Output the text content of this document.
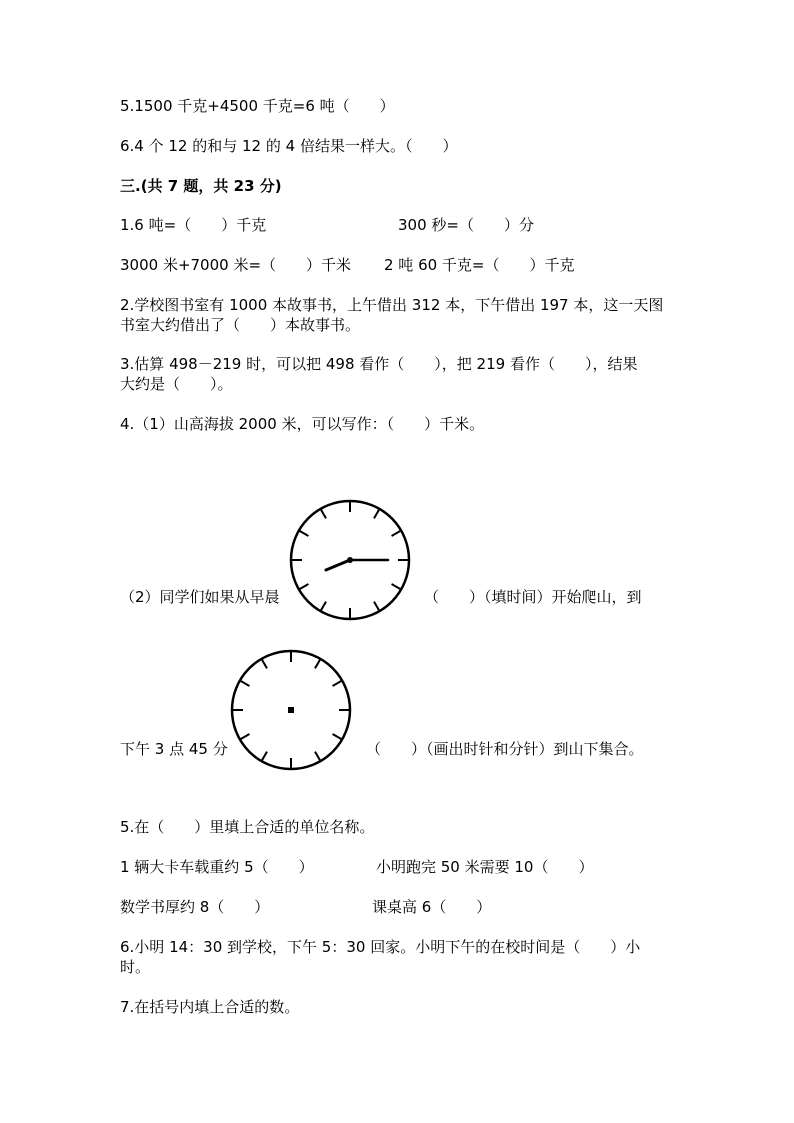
5.1500 千克+4500 千克=6 吨（　　）
6.4 个 12 的和与 12 的 4 倍结果一样大。（　　）
三.(共 7 题，共 23 分)
1.6 吨=（　　）千克	300 秒=（　　）分
3000 米+7000 米=（　　）千米 2 吨 60 千克=（　　）千克
2.学校图书室有 1000 本故事书，上午借出 312 本，下午借出 197 本，这一天图
书室大约借出了（　　）本故事书。
3.估算 498－219 时，可以把 498 看作（　　），把 219 看作（　　），结果
大约是（　　）。
4.（1）山高海拔 2000 米，可以写作：（　　）千米。
（2）同学们如果从早晨	（　　）（填时间）开始爬山，到
下午 3 点 45 分	（　　）（画出时针和分针）到山下集合。
5.在（　　）里填上合适的单位名称。
1 辆大卡车载重约 5（　　）	小明跑完 50 米需要 10（　　）
数学书厚约 8（　　）	课桌高 6（　　）
6.小明 14：30 到学校，下午 5：30 回家。小明下午的在校时间是（　　）小
时。
7.在括号内填上合适的数。
